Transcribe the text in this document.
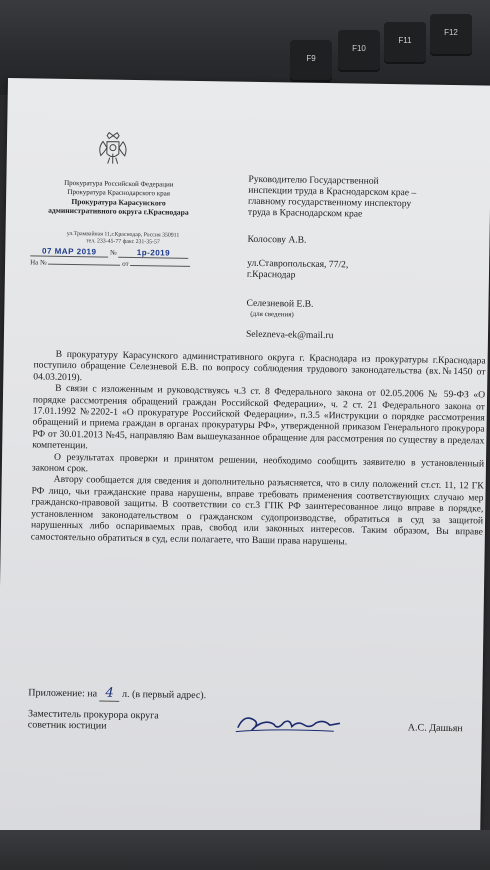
F9
F10
F11
F12
Прокуратура Российской Федерации
Прокуратура Краснодарского края
Прокуратура Карасунского
административного округа г.Краснодара
ул.Трамвайная 11,г.Краснодар, Россия 350911
тел. 233-45-77 факс 231-35-57
07 МАР 2019 № 1р-2019
На №	от
Руководителю Государственной
инспекции труда в Краснодарском крае –
главному государственному инспектору
труда в Краснодарском крае
Колосову А.В.
ул.Ставропольская, 77/2,
г.Краснодар
Селезневой Е.В.
(для сведения)
Selezneva-ek@mail.ru

В прокуратуру Карасунского административного округа г. Краснодара из прокуратуры г.Краснодара поступило обращение Селезневой Е.В. по вопросу соблюдения трудового законодательства (вх.№1450 от 04.03.2019).

В связи с изложенным и руководствуясь ч.3 ст. 8 Федерального закона от 02.05.2006 № 59-ФЗ «О порядке рассмотрения обращений граждан Российской Федерации», ч. 2 ст. 21 Федерального закона от 17.01.1992 №2202-1 «О прокуратуре Российской Федерации», п.3.5 «Инструкции о порядке рассмотрения обращений и приема граждан в органах прокуратуры РФ», утвержденной приказом Генерального прокурора РФ от 30.01.2013 №45, направляю Вам вышеуказанное обращение для рассмотрения по существу в пределах компетенции.

О результатах проверки и принятом решении, необходимо сообщить заявителю в установленный законом срок.

Автору сообщается для сведения и дополнительно разъясняется, что в силу положений ст.ст. 11, 12 ГК РФ лицо, чьи гражданские права нарушены, вправе требовать применения соответствующих случаю мер гражданско-правовой защиты. В соответствии со ст.3 ГПК РФ заинтересованное лицо вправе в порядке, установленном законодательством о гражданском судопроизводстве, обратиться в суд за защитой нарушенных либо оспариваемых прав, свобод или законных интересов. Таким образом, Вы вправе самостоятельно обратиться в суд, если полагаете, что Ваши права нарушены.

Приложение: на 4 л. (в первый адрес).
Заместитель прокурора округа
советник юстиции	А.С. Дашьян
